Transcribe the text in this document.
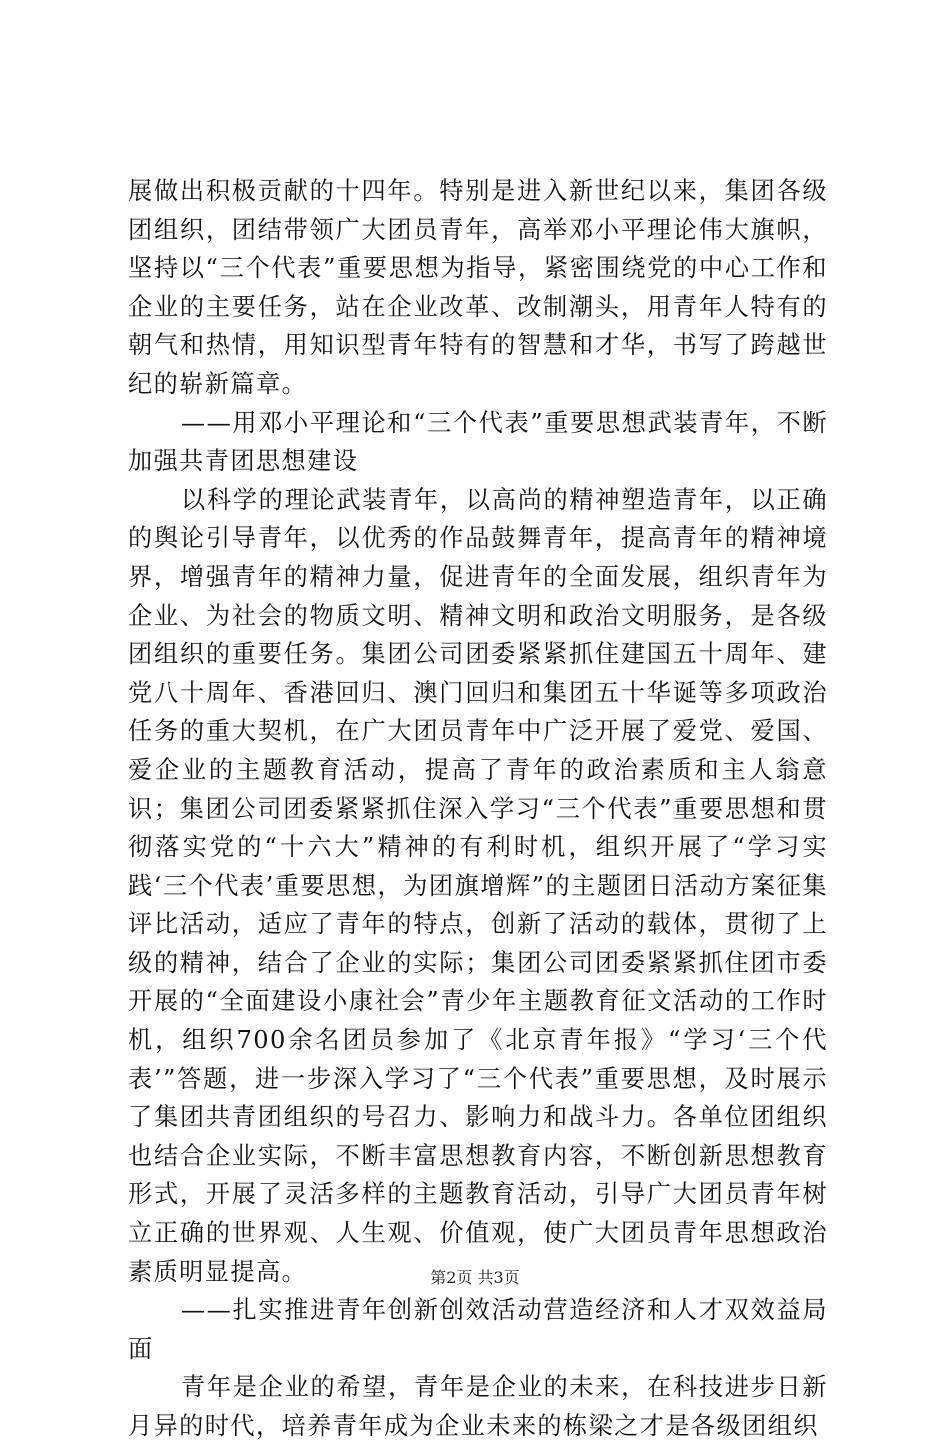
展做出积极贡献的十四年。特别是进入新世纪以来，集团各级团组织，团结带领广大团员青年，高举邓小平理论伟大旗帜，坚持以“三个代表”重要思想为指导，紧密围绕党的中心工作和企业的主要任务，站在企业改革、改制潮头，用青年人特有的朝气和热情，用知识型青年特有的智慧和才华，书写了跨越世纪的崭新篇章。

——用邓小平理论和“三个代表”重要思想武装青年，不断加强共青团思想建设

以科学的理论武装青年，以高尚的精神塑造青年，以正确的舆论引导青年，以优秀的作品鼓舞青年，提高青年的精神境界，增强青年的精神力量，促进青年的全面发展，组织青年为企业、为社会的物质文明、精神文明和政治文明服务，是各级团组织的重要任务。集团公司团委紧紧抓住建国五十周年、建党八十周年、香港回归、澳门回归和集团五十华诞等多项政治任务的重大契机，在广大团员青年中广泛开展了爱党、爱国、爱企业的主题教育活动，提高了青年的政治素质和主人翁意识；集团公司团委紧紧抓住深入学习“三个代表”重要思想和贯彻落实党的“十六大”精神的有利时机，组织开展了“学习实践‘三个代表’重要思想，为团旗增辉”的主题团日活动方案征集评比活动，适应了青年的特点，创新了活动的载体，贯彻了上级的精神，结合了企业的实际；集团公司团委紧紧抓住团市委开展的“全面建设小康社会”青少年主题教育征文活动的工作时机，组织700余名团员参加了《北京青年报》“学习‘三个代表’”答题，进一步深入学习了“三个代表”重要思想，及时展示了集团共青团组织的号召力、影响力和战斗力。各单位团组织也结合企业实际，不断丰富思想教育内容，不断创新思想教育形式，开展了灵活多样的主题教育活动，引导广大团员青年树立正确的世界观、人生观、价值观，使广大团员青年思想政治素质明显提高。

——扎实推进青年创新创效活动营造经济和人才双效益局面

青年是企业的希望，青年是企业的未来，在科技进步日新月异的时代，培养青年成为企业未来的栋梁之才是各级团组织

第2页 共3页
